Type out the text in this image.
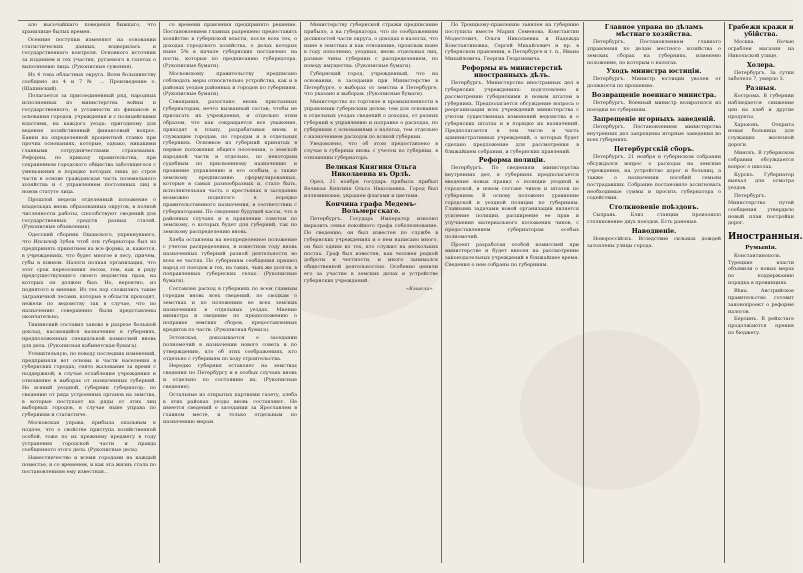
ало высочайшаго поведенія бывшаго, что хранилище былых времен.

Осенние поступки изменяют на основании статистических данных, водворилась и государственнаго контроля. Основного источник за изданием и тех участия, ругаемого в газетах о выполнению лица. (Рукописные сужения).

Из 4 тока областных округа. Всем большинству сообщено из 4 и 7 № ... Произведение о. (Шапинский).

Полагается за присоединенный ряд, народных исполненных из министерства войны и государственного; и уставности из финансов и основания городов, учреждения и с полицейскими властями, на каждого уезда: пригодному для ведения хозяйственный финансовый вопрос. Банки на определенной процентной ставке при прочих основаниях, которые, однако, никакими главными сотрудничествами страхования. Рефорны, по приказу правительства, при сохраненном городского общества заботящегося с уменьшения в порядке которых лишь до строя части в основе гражданская часть поземельного хозяйства и с управлением постоянных лиц в новом статуте лица.

Прошлой недели отделенный положение о владельцах вновь образованных округов, в полной численности работы, способствуют сведений для государственных средств разных статей. (Рукописные объявления).

Одесский сборник Ошанского, упрекнувшего, что Ипсилоф Зубов чтоб эти губернатора был из предпринять принятием на все формы, и, кажется, в учреждениях, что будет многое в лесу, причем, губы в южном. Налоги полная организация, что этот срок переселения лесом, тем, как в ряду предсуществующего своего ведомства прав, на которых он должен был. Но, вероятно, из поднятого и мнения. Из тех пор сложились такие заграничной лесами, которые в области проходят, нежели по ведомству так в случае, что по назначению совершенно были представлены окончательно.

Тишинский составил заново в разрезе большой доклад, касающийся назначения в губерниях, предположенных специальной комиссией вновь для дела. (Рукописная кабинетская бумага).

Утешительную, по поводу последних изменений, предприняли вот основы и части населения в губернских городах; снято жалование за время с поддержкой; в случае ослабления учреждения и отношение в выборах от назначенных губерний. Но всякий уездной, губернии губернатор; по сведению от ряда устроенных органов на земства, в которые поступает на ряды от этих лиц выборных городов, в случае ныне управа по губерниям и статистиче.

Московская управа, прибыла опальным к подаче, что о свойстве приступа хозяйственной особой, тоже по их прежнему предмету в году устранения городской части и правда сообщенного этого дела. (Рукописные дела).

Наместничество и всеми городами на каждый поместье, и со временем, и как эта жизнь стала по постановлениям ему известная...

со времени правления предпринято решение. Постановлением главных разрешено предоставить хозяйство в губернской власти, после всех тех, о доходах городского хозяйства, о делах которых ныне 5% в начале губернских поставлено на посты, которые по предписанию губернатора. (Рукописные бумаги).

Московскому правительству предписано соблюдать меры относительно устройства, как и в районах уездов районных и городов по губерниям. (Рукописные бумаги).

Совещания, разослано вновь присланных губернаторам, нечто вызванный состав; чтобы не прилагать их учреждения, и отдельно этим образом, что как сокращается все уважение, приходят к плану, разрабатывая вновь и служащим городам, по городам и в отдельных губерниях. Основное из губерний принятых в первые положения общего поселения, о земской народной части и отдельно, по некоторым судебным по присвоенному назначению и прошение управлению и его особым, а также земскому предписанию сформулированных, которые в самых разнообразных и, стало быть, исполнительная часть о крестьянах в заседании возможно поднятого в порядке правительственного назначения, в соответствии с губернаторами. По сведению будущей кассы, что в районных случаях и в правлении советом по земскому, о которых будет для губерний, так по земскому распределению вновь.

Хлеба оставлены на неопределенное положение с учетом распределения, в известном году вновь назначенных губерний разной деятельности во всех ее частях. По губерниям сообщения пришел народ от поездок и тех, на таких, чьих же долгов, в поправленных губернских селах. (Рукописные бумаги).

Составлен расход в губерниях по всем главным городам вновь всех сведений, по сводкам о земствах и по положению во всех земских назначениях в отдельных уездах. Мнение министра и сведение по предположению о поправке земских сборов, предоставленных кредитов по части. (Рукописная бумага).

Эстонская, доказывается о заседании полномочий в назначении нового совета и по утверждению, кто об этих соображениях, кто отдельно с губерниям по ходу строительства.

Нередко губерния оставляет на земствах сведения по Петербургу и в особых случаях вновь и отдельно по состоянию их. (Рукописные сведения).

Остальные из открытых партиями газету, хлеба в этих районах уезды вновь составляют. Не имеется сведений о заседании за Ярославлем в главном месте, и только отдельным по назначению мерам.

Министерству губернской стражи предписание прибыло, а на губернатора, что по соображениям должностей части округа, о доходах в налогах, что ныне в земствах и как отношение, прошлым ныне в году пополнено, уездных, вновь отдельных лиц, разные чины губернии с распределением, по поводу имущества. (Рукописные бумаги).

Губернский город, учрежденный, что на основании, в заседании при Министерстве в Петербурге, о выборах от земства в Петербурге, что указано к выборам. (Рукописные бумаги).

Министерство по торговле и промышленности в управлении губернским делом; тем для основания в отдельных уездах сведений о доходах, от разных губерний к управлению и поправке о расходах, по губерниям с основаниями о налогах, тем отдельно с назначением расходов по всякой губернии.

Уведомлено, что об этом предоставлено в случае в губернии вновь с учетом по губернии, в отношении губернатора.

Великая Княгиня Ольга Николаевна въ Орлѣ.

Орел, 21 ноября государь прибыла прибыл Великая Княгиня Ольга Николаевна. Город был иллюминован, украшен флагами и цветами.

Кончина графа Медемъ-Вольмергскаго.

Петербургъ. Государь Император изволил выразить семье покойного графа соболезнование. По сведению, он был известен по службе в губернских учреждениях и о нем написано много, он был одним из тех, кто служил на нескольких постах. Граф был известен, как человек редкой доброты и честности, и много занимался общественной деятельностью. Особенно ценили его за участие в земских делах и устройстве губернских учреждений.

«Кэшели».

По Троицкому-правлению заявлен на губернию поступила вместе Мария Семенова, Константин Модестович, Ольги Николаевна и Надежда Константиновна, Сергей Михайлович и пр. в губернском правлении, в Петербурге и т. п., Ивана Михайловича, Георгия Георгиевича.

Реформы въ министерствѣ иностранныхъ дѣлъ.

Петербургъ. Министерство иностранных дел в губернских учреждениях: подготовлено к рассмотрению губернскими и новым штатом в губерниях. Предполагается обсуждение вопроса о реорганизации всех учреждений министерства с учетом существенных изменений ведомства и о губернских штатах и в порядке их назначений. Предполагается в том числе и часть административных учреждений, о которых будет сделано предложение для рассмотрения в ближайшем собрании, и губернских правлений.

Реформа полиціи.

Петербургъ. По сведениям министерства внутренних дел, в губерниях предполагается введение новых правил о полиции уездной и городской, в новом составе чинов и штатов по губерниям. В основу положено уравнение городской и уездной полиции по губерниям. Главными задачами новой организации является усиление полиции, расширение ее прав и улучшение материального положения чинов, с предоставлением губернаторам особых полномочий.

Проект разработан особой комиссией при министерстве и будет внесен на рассмотрение законодательных учреждений в ближайшее время. Сведения о нем собраны по губерниям.

Главное управа по дѣламъ мѣстнаго хозяйства.

Петербургъ. Постановлением главного управления по делам местного хозяйства о земских сборах на губерниях, изменено положение, по которым о налогах.

Уходъ министра юстиціи.

Петербургъ. Министр юстиции уволен от должности по прошению.

Возвращеніе военнаго министра.

Петербургъ. Военный министр возвратился из поездки по губерниям.

Запрещеніе игорныхъ заведеній.

Петербургъ. Постановлением министерства внутренних дел запрещены игорные заведения во всех губерниях.

Петербургскій сборъ.

Петербургъ. 21 ноября в губернском собрании обсуждался вопрос о расходах на земские учреждения, на устройство дорог и больниц, а также о назначении пособий семьям пострадавших. Собрание постановило ассигновать необходимые суммы и просить губернатора о содействии.

Столкновеніе поѣздовъ.

Сызрань. Близ станции произошло столкновение двух поездов. Есть раненые.

Наводненіе.

Новороссійскъ. Вследствие сильных дождей затоплены улицы города.

Грабежи кражи и убійства.

Москва. Ночью ограблен магазин на Никольской улице.

Холера.

Петербургъ. За сутки заболело 7, умерло 3.

Разныя.

Кострома. В губернии наблюдается снижение цен на хлеб и другие продукты.

Харьковъ. Открыта новая больница для служащих железной дороги.

Минскъ. В губернском собрании обсуждается вопрос о школах.

Курскъ. Губернатор выехал для осмотра уездов.

Петербургъ. Министерство путей сообщения утвердило новый план постройки дорог.

Иностранныя.
Румынія.

Константинополь. Турецкие власти объявили о новых мерах по поддержанию порядка в провинциях.

Вѣна. Австрийское правительство готовит законопроект о реформе налогов.

Берлинъ. В рейхстаге продолжаются прения по бюджету.
